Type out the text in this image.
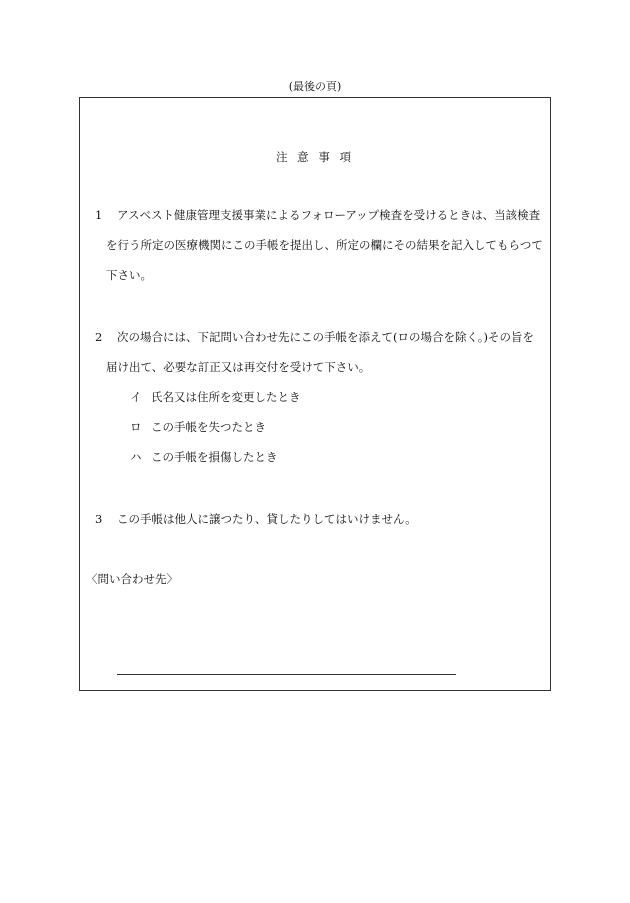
(最後の頁)
注 意 事 項
1 アスベスト健康管理支援事業によるフォローアップ検査を受けるときは、当該検査
を行う所定の医療機関にこの手帳を提出し、所定の欄にその結果を記入してもらつて
下さい。
2 次の場合には、下記問い合わせ先にこの手帳を添えて(ロの場合を除く。)その旨を
届け出て、必要な訂正又は再交付を受けて下さい。
イ 氏名又は住所を変更したとき
ロ この手帳を失つたとき
ハ この手帳を損傷したとき
3 この手帳は他人に譲つたり、貸したりしてはいけません。
〈問い合わせ先〉
